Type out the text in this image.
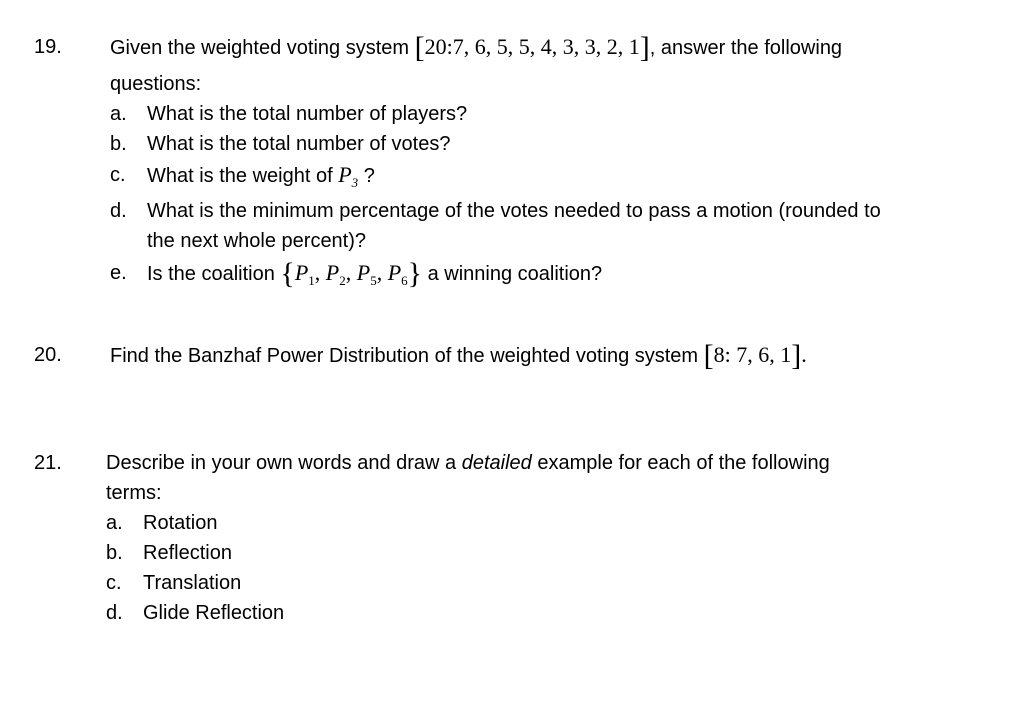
19. Given the weighted voting system [20:7, 6, 5, 5, 4, 3, 3, 2, 1], answer the following
questions:
a. What is the total number of players?
b. What is the total number of votes?
c. What is the weight of $P_3$ ?
d. What is the minimum percentage of the votes needed to pass a motion (rounded to
the next whole percent)?
e. Is the coalition {$P_1$, $P_2$, $P_5$, $P_6$} a winning coalition?
20. Find the Banzhaf Power Distribution of the weighted voting system [8: 7, 6, 1].
21. Describe in your own words and draw a detailed example for each of the following
terms:
a. Rotation
b. Reflection
c. Translation
d. Glide Reflection
